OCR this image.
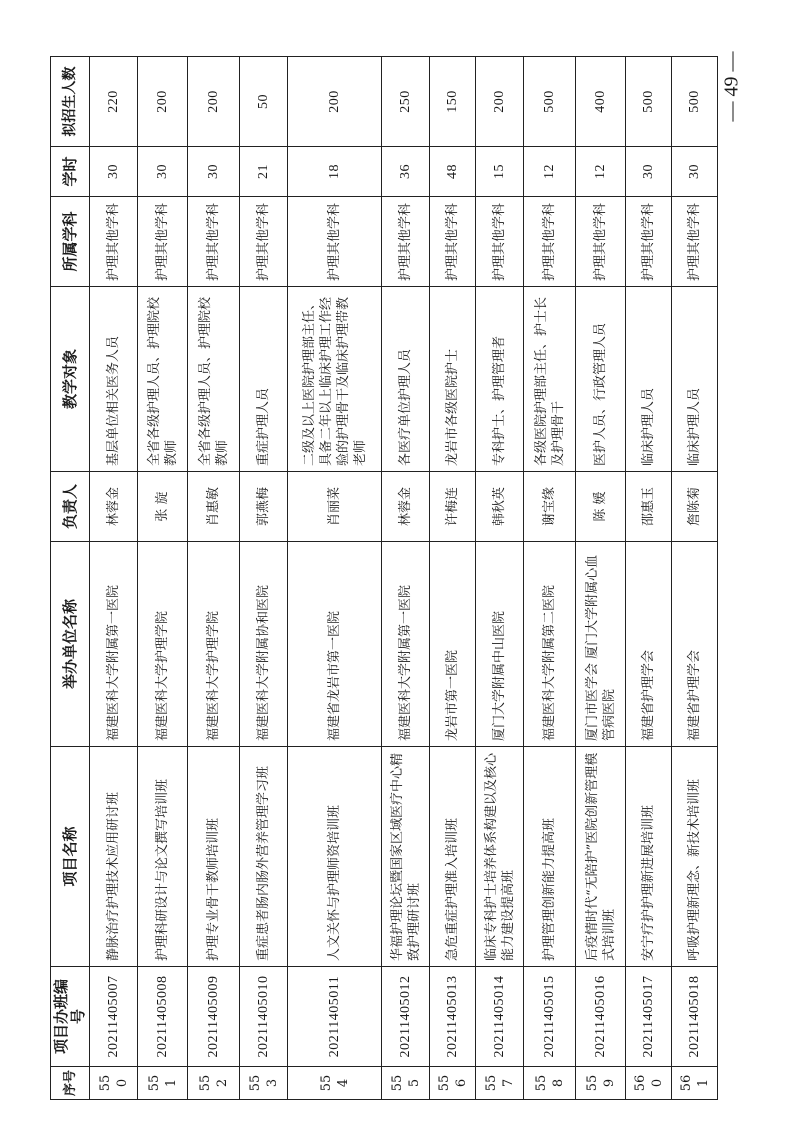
序号	项目办班编号	项目名称	举办单位名称	负责人	教学对象	所属学科	学时	拟招生人数
550	20211405007	静脉治疗护理技术应用研讨班	福建医科大学附属第一医院	林蓉金	基层单位相关医务人员	护理其他学科	30	220
551	20211405008	护理科研设计与论文撰写培训班	福建医科大学护理学院	张 旋	全省各级护理人员、护理院校教师	护理其他学科	30	200
552	20211405009	护理专业骨干教师培训班	福建医科大学护理学院	肖惠敏	全省各级护理人员、护理院校教师	护理其他学科	30	200
553	20211405010	重症患者肠内肠外营养管理学习班	福建医科大学附属协和医院	郭燕梅	重症护理人员	护理其他学科	21	50
554	20211405011	人文关怀与护理师资培训班	福建省龙岩市第一医院	肖丽菜	二级及以上医院护理部主任、具备二年以上临床护理工作经验的护理骨干及临床护理带教老师	护理其他学科	18	200
555	20211405012	华福护理论坛暨国家区域医疗中心精致护理研讨班	福建医科大学附属第一医院	林蓉金	各医疗单位护理人员	护理其他学科	36	250
556	20211405013	急危重症护理准入培训班	龙岩市第一医院	许梅连	龙岩市各级医院护士	护理其他学科	48	150
557	20211405014	临床专科护士培养体系构建以及核心能力建设提高班	厦门大学附属中山医院	韩秋英	专科护士、护理管理者	护理其他学科	15	200
558	20211405015	护理管理创新能力提高班	福建医科大学附属第二医院	谢宝缘	各级医院护理部主任、护士长及护理骨干	护理其他学科	12	500
559	20211405016	后疫情时代“无陪护”医院创新管理模式培训班	厦门市医学会 厦门大学附属心血管病医院	陈 媛	医护人员、行政管理人员	护理其他学科	12	400
560	20211405017	安宁疗护护理新进展培训班	福建省护理学会	邵惠玉	临床护理人员	护理其他学科	30	500
561	20211405018	呼吸护理新理念、新技术培训班	福建省护理学会	詹陈菊	临床护理人员	护理其他学科	30	500 — 49 —
